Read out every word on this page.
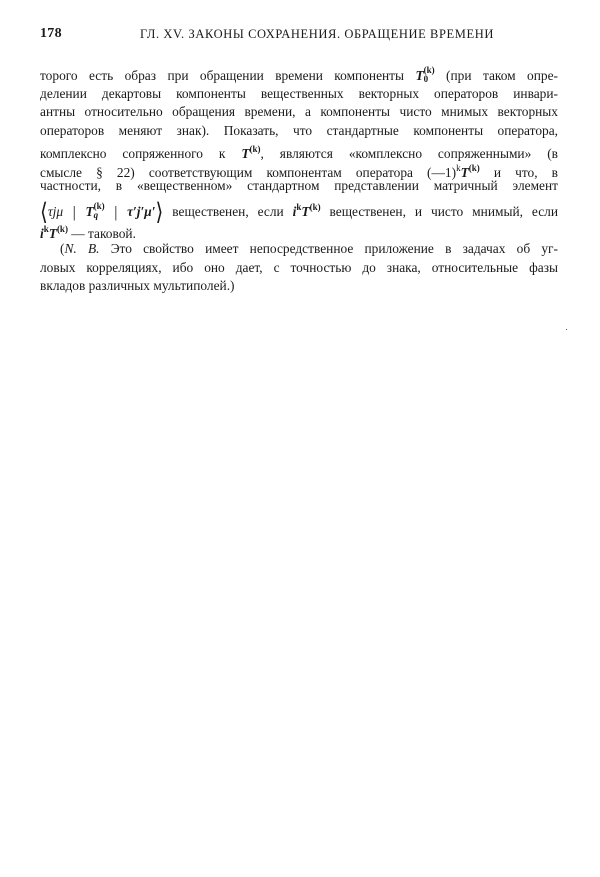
178	ГЛ. XV. ЗАКОНЫ СОХРАНЕНИЯ. ОБРАЩЕНИЕ ВРЕМЕНИ
торого есть образ при обращении времени компоненты T (k)
0 (при таком опре-
делении декартовы компоненты вещественных векторных операторов инвари-
антны относительно обращения времени, а компоненты чисто мнимых векторных
операторов меняют знак). Показать, что стандартные компоненты оператора,
комплексно сопряженного к $T^{(k)}$, являются «комплексно сопряженными» (в
смысле § 22) соответствующим компонентам оператора $(—1)^kT^{(k)}$ и что, в
частности, в «вещественном» стандартном представлении матричный элемент
⟨τjμ | T (k)
q | τ′j′μ′⟩ вещественен, если $i^kT^{(k)}$ вещественен, и чисто мнимый, если
$i^kT^{(k)}$ — таковой.
(N. B. Это свойство имеет непосредственное приложение в задачах об уг-
ловых корреляциях, ибо оно дает, с точностью до знака, относительные фазы
вкладов различных мультиполей.)
